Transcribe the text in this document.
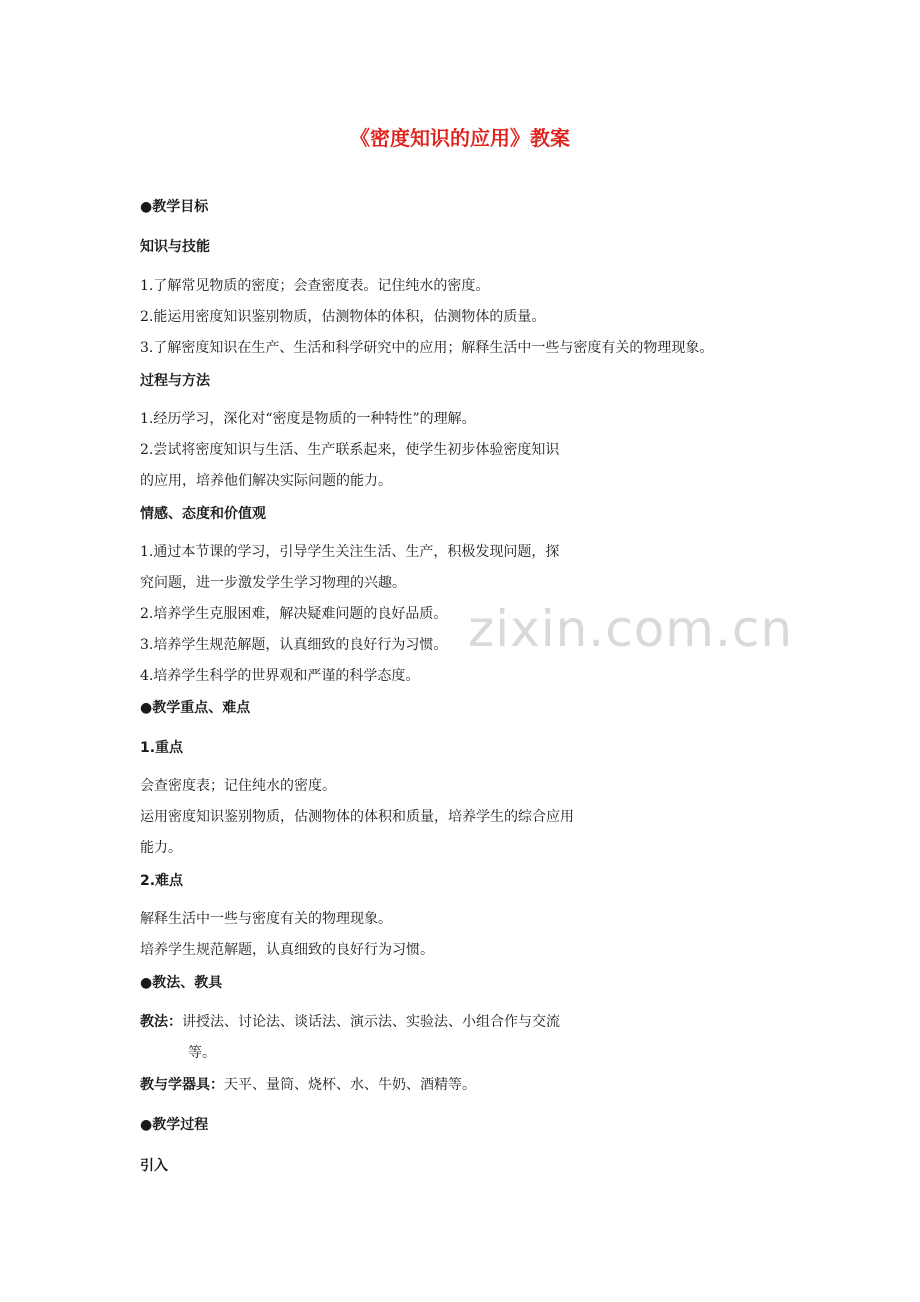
zixin.com.cn
《密度知识的应用》教案
●教学目标
知识与技能
1.了解常见物质的密度；会查密度表。记住纯水的密度。
2.能运用密度知识鉴别物质，估测物体的体积，估测物体的质量。
3.了解密度知识在生产、生活和科学研究中的应用；解释生活中一些与密度有关的物理现象。
过程与方法
1.经历学习，深化对“密度是物质的一种特性”的理解。
2.尝试将密度知识与生活、生产联系起来，使学生初步体验密度知识
的应用，培养他们解决实际问题的能力。
情感、态度和价值观
1.通过本节课的学习，引导学生关注生活、生产，积极发现问题，探
究问题，进一步激发学生学习物理的兴趣。
2.培养学生克服困难，解决疑难问题的良好品质。
3.培养学生规范解题，认真细致的良好行为习惯。
4.培养学生科学的世界观和严谨的科学态度。
●教学重点、难点
1.重点
会查密度表；记住纯水的密度。
运用密度知识鉴别物质，估测物体的体积和质量，培养学生的综合应用
能力。
2.难点
解释生活中一些与密度有关的物理现象。
培养学生规范解题，认真细致的良好行为习惯。
●教法、教具
教法：讲授法、讨论法、谈话法、演示法、实验法、小组合作与交流
等。
教与学器具：天平、量筒、烧杯、水、牛奶、酒精等。
●教学过程
引入
